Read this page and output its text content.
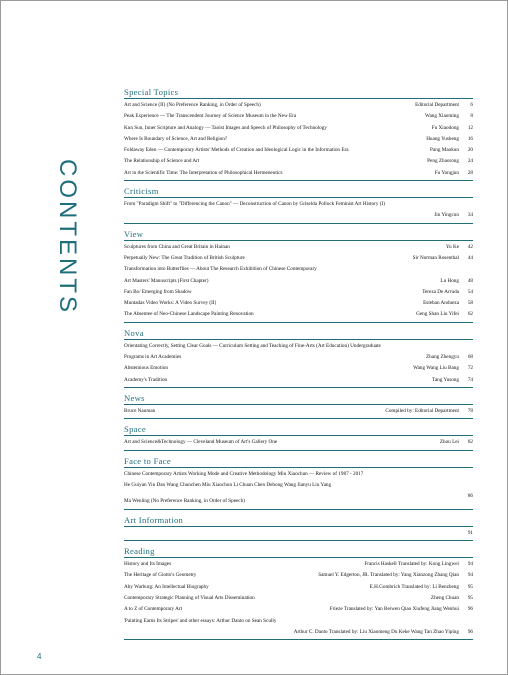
CONTENTS
Special Topics
Art and Science (II) (No Preference Ranking, in Order of Speech)	Editorial Department	6
Peak Experience — The Transcendent Journey of Science Museum in the New Era	Wang Xiaoming	8
Kun Sun, Inner Scripture and Analogy — Taoist Images and Speech of Philosophy of Technology	Fu Xiaodong	12
Where Is Boundary of Science, Art and Religion?	Huang Yusheng	16
Foldaway Eden — Contemporary Artists' Methods of Creation and Ideological Logic in the Information Era	Pang Maokun	20
The Relationship of Science and Art	Peng Zhaorong	24
Art in the Scientific Time: The Interpretation of Philosophical Hermeneutics	Fu Yongjun	28
Criticism
From "Paradigm Shift" to "Differencing the Canon" — Deconstruction of Canon by Griselda Pollock Feminist Art History (I)
Jin Yingcun	34
View
Sculptures from China and Great Britain in Hainan	Yu Ke	42
Perpetually New: The Great Tradition of British Sculpture	Sir Norman Rosenthal	44
Transformation into Butterflies — About The Research Exhibition of Chinese Contemporary
Art Masters' Manuscripts (First Chapter)	Lu Hong	48
Fan Bo/ Emerging from Shadow	Tereza De Arruda	54
Muntadas Video Works: A Video Survey (II)	Esteban Andueza	58
The Absentee of Neo-Chinese Landscape Painting Renovation	Geng Shan Liu Yifei	62
Nova
Orientating Correctly, Setting Clear Goals — Curriculum Setting and Teaching of Fine-Arts (Art Education) Undergraduate
Programs in Art Academies	Zhang Zhengyu	68
Abstemious Emotion	Wang Wang Liu Bang	72
Academy's Tradition	Tang Yusong	74
News
Bruce Nauman	Compiled by: Editorial Department	78
Space
Art and Science&Technology — Cleveland Museum of Art's Gallery One	Zhou Lei	82
Face to Face
Chinese Contemporary Artists Working Mode and Creative Methodology Miu Xiaochun — Review of 1987 - 2017
He Guiyan Yin Dan Wang Chunchen Miu Xiaochun Li Chuan Chen Dehong Wang Jianyu Liu Yang
Ma Wenling (No Preference Ranking, in Order of Speech)
86
Art Information
91
Reading
History and Its Images	Francis Haskell Translated by: Kong Lingwei	94
The Heritage of Giotto's Geometry	Samuel Y. Edgerton, JR. Translated by: Yang Xianzong Zhang Qian	94
Aby Warburg: An Intellectual Biography	E.H.Gombrich Translated by: Li Benzheng	95
Contemporary Strategic Planning of Visual Arts Dissemination	Zheng Chuan	95
A to Z of Contemporary Art	Frieze Translated by: Yan Beiwen Qiao Xiufeng Jiang Wenhui	96
'Painting Earns Its Stripes' and other essays: Arthur Danto on Sean Scully
Arthur C. Danto Translated by: Liu Xiaomeng Du Keke Wang Tan Zhao Yiping	96
4
